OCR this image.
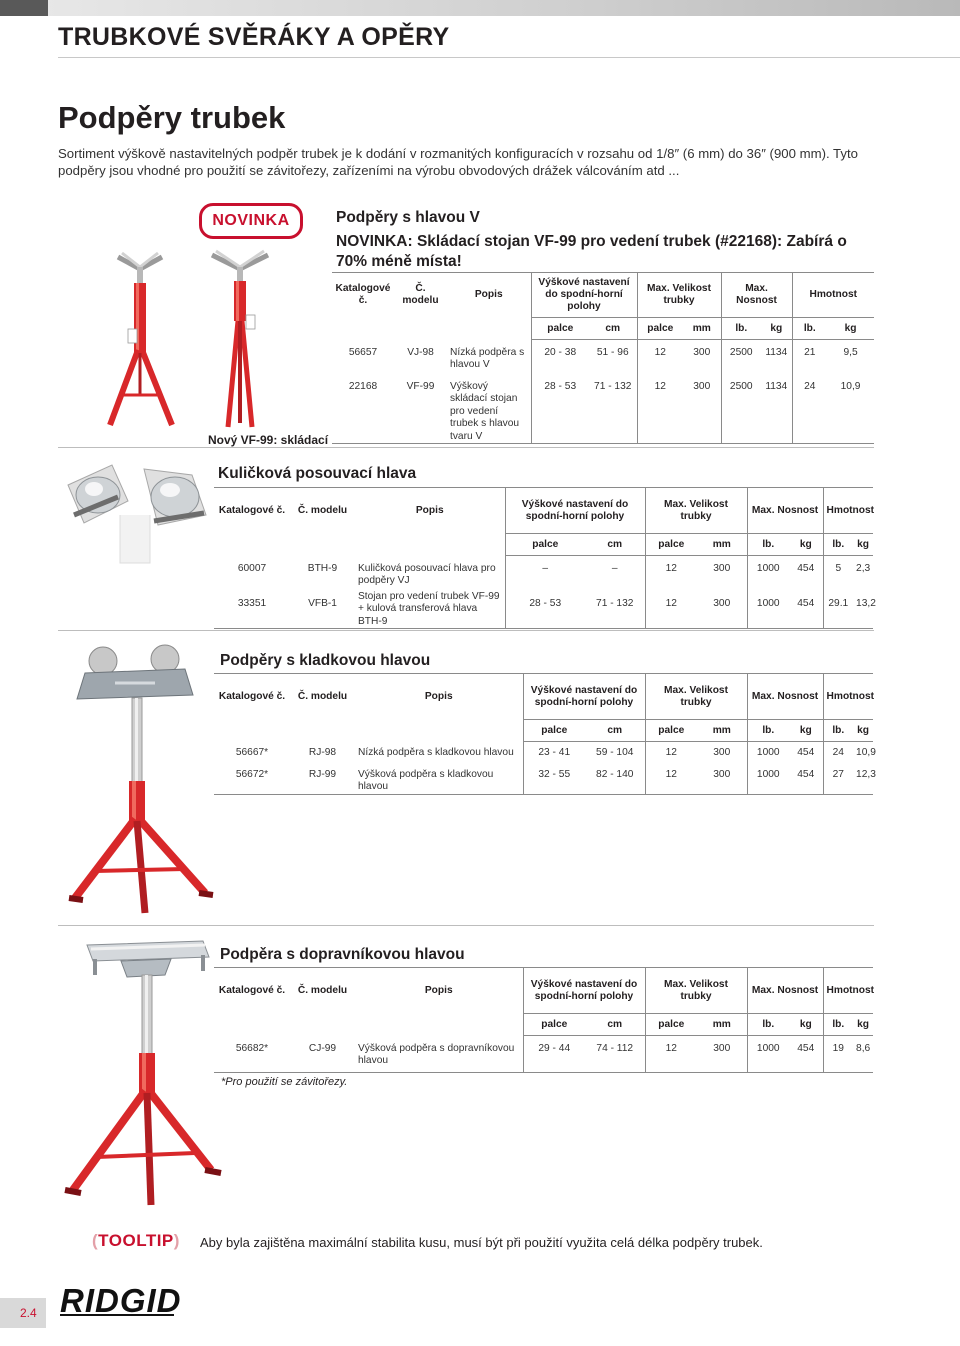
TRUBKOVÉ SVĚRÁKY A OPĚRY
Podpěry trubek
Sortiment výškově nastavitelných podpěr trubek je k dodání v rozmanitých konfiguracích v rozsahu od 1/8″ (6 mm) do 36″ (900 mm). Tyto podpěry jsou vhodné pro použití se závitořezy, zařízeními na výrobu obvodových drážek válcováním atd ...
NOVINKA
Nový VF-99: skládací
Podpěry s hlavou V
NOVINKA: Skládací stojan VF-99 pro vedení trubek (#22168): Zabírá o 70% méně místa!
Katalogové č.	Č. modelu	Popis	Výškové nastavení do spodní-horní polohy		Max. Velikost trubky		Max. Nosnost		Hmotnost	
			palce	cm	palce	mm	lb.	kg	lb.	kg
56657	VJ-98	Nízká podpěra s hlavou V	20 - 38	51 - 96	12	300	2500	1134	21	9,5
22168	VF-99	Výškový skládací stojan pro vedení trubek s hlavou tvaru V	28 - 53	71 - 132	12	300	2500	1134	24	10,9
Kuličková posouvací hlava
Katalogové č.	Č. modelu	Popis	Výškové nastavení do spodní-horní polohy		Max. Velikost trubky		Max. Nosnost		Hmotnost	
			palce	cm	palce	mm	lb.	kg	lb.	kg
60007	BTH-9	Kuličková posouvací hlava pro podpěry VJ	–	–	12	300	1000	454	5	2,3
33351	VFB-1	Stojan pro vedení trubek VF-99 + kulová transferová hlava BTH-9	28 - 53	71 - 132	12	300	1000	454	29.1	13,2
Podpěry s kladkovou hlavou
Katalogové č.	Č. modelu	Popis	Výškové nastavení do spodní-horní polohy		Max. Velikost trubky		Max. Nosnost		Hmotnost	
			palce	cm	palce	mm	lb.	kg	lb.	kg
56667*	RJ-98	Nízká podpěra s kladkovou hlavou	23 - 41	59 - 104	12	300	1000	454	24	10,9
56672*	RJ-99	Výšková podpěra s kladkovou hlavou	32 - 55	82 - 140	12	300	1000	454	27	12,3
Podpěra s dopravníkovou hlavou
Katalogové č.	Č. modelu	Popis	Výškové nastavení do spodní-horní polohy		Max. Velikost trubky		Max. Nosnost		Hmotnost	
			palce	cm	palce	mm	lb.	kg	lb.	kg
56682*	CJ-99	Výšková podpěra s dopravníkovou hlavou	29 - 44	74 - 112	12	300	1000	454	19	8,6
*Pro použití se závitořezy.
(TOOLTIP) Aby byla zajištěna maximální stabilita kusu, musí být při použití využita celá délka podpěry trubek.
2.4 RIDGID
